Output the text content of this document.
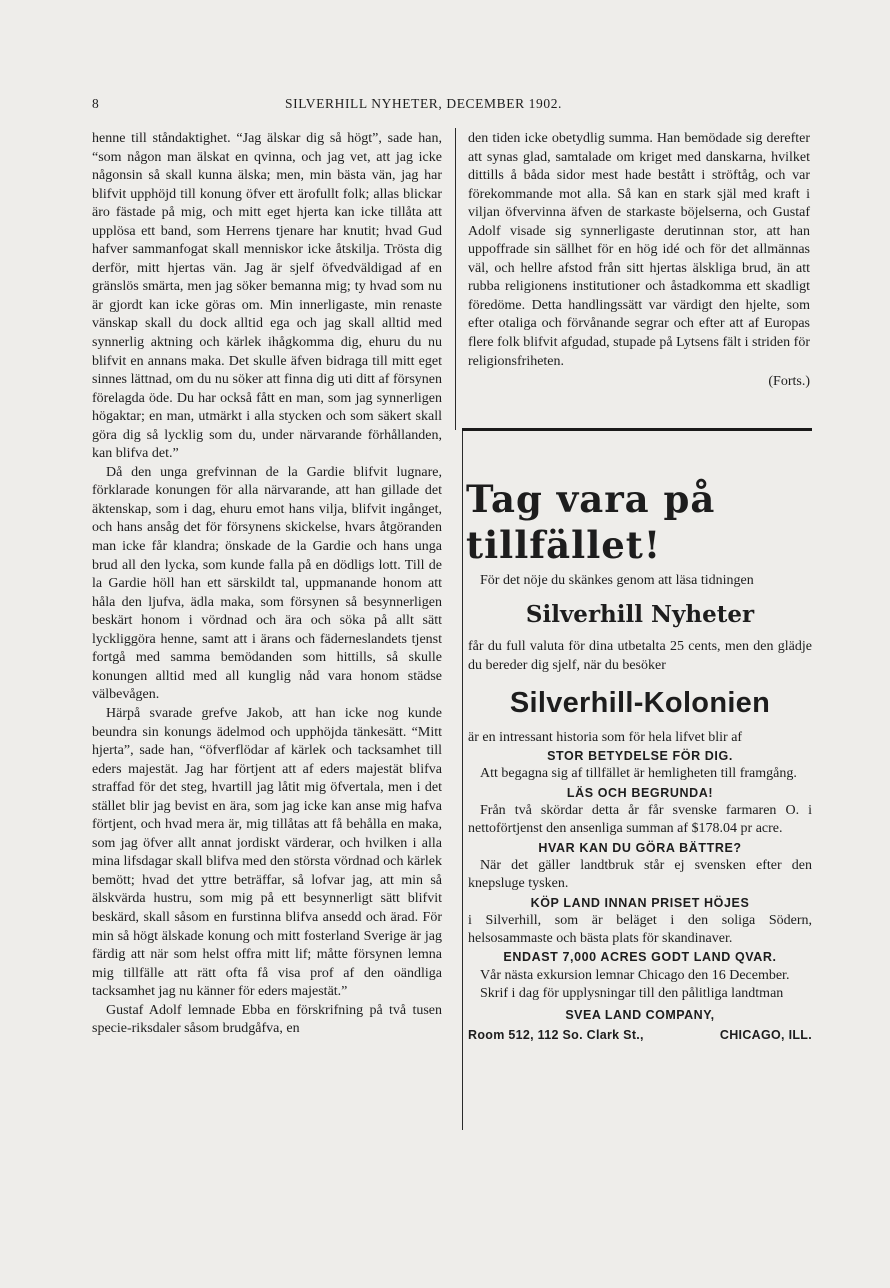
8	SILVERHILL NYHETER, DECEMBER 1902.

henne till ståndaktighet. “Jag älskar dig så högt”, sade han, “som någon man älskat en qvinna, och jag vet, att jag icke någonsin så skall kunna älska; men, min bästa vän, jag har blifvit upphöjd till konung öfver ett ärofullt folk; allas blickar äro fästade på mig, och mitt eget hjerta kan icke tillåta att upplösa ett band, som Herrens tjenare har knutit; hvad Gud hafver sammanfogat skall menniskor icke åtskilja. Trösta dig derför, mitt hjertas vän. Jag är sjelf öfvedväldigad af en gränslös smärta, men jag söker bemanna mig; ty hvad som nu är gjordt kan icke göras om. Min innerligaste, min renaste vänskap skall du dock alltid ega och jag skall alltid med synnerlig aktning och kärlek ihågkomma dig, ehuru du nu blifvit en annans maka. Det skulle äfven bidraga till mitt eget sinnes lättnad, om du nu söker att finna dig uti ditt af försynen förelagda öde. Du har också fått en man, som jag synnerligen högaktar; en man, utmärkt i alla stycken och som säkert skall göra dig så lycklig som du, under närvarande förhållanden, kan blifva det.”

Då den unga grefvinnan de la Gardie blifvit lugnare, förklarade konungen för alla närvarande, att han gillade det äktenskap, som i dag, ehuru emot hans vilja, blifvit ingånget, och hans ansåg det för försynens skickelse, hvars åtgöranden man icke får klandra; önskade de la Gardie och hans unga brud all den lycka, som kunde falla på en dödligs lott. Till de la Gardie höll han ett särskildt tal, uppmanande honom att håla den ljufva, ädla maka, som försynen så besynnerligen beskärt honom i vördnad och ära och söka på allt sätt lyckliggöra henne, samt att i ärans och fäderneslandets tjenst fortgå med samma bemödanden som hittills, så skulle konungen alltid med all kunglig nåd vara honom städse välbevågen.

Härpå svarade grefve Jakob, att han icke nog kunde beundra sin konungs ädelmod och upphöjda tänkesätt. “Mitt hjerta”, sade han, “öfverflödar af kärlek och tacksamhet till eders majestät. Jag har förtjent att af eders majestät blifva straffad för det steg, hvartill jag låtit mig öfvertala, men i det stället blir jag bevist en ära, som jag icke kan anse mig hafva förtjent, och hvad mera är, mig tillåtas att få behålla en maka, som jag öfver allt annat jordiskt värderar, och hvilken i alla mina lifsdagar skall blifva med den största vördnad och kärlek bemött; hvad det yttre beträffar, så lofvar jag, att min så älskvärda hustru, som mig på ett besynnerligt sätt blifvit beskärd, skall såsom en furstinna blifva ansedd och ärad. För min så högt älskade konung och mitt fosterland Sverige är jag färdig att när som helst offra mitt lif; måtte försynen lemna mig tillfälle att rätt ofta få visa prof af den oändliga tacksamhet jag nu känner för eders majestät.”

Gustaf Adolf lemnade Ebba en förskrifning på två tusen specie-riksdaler såsom brudgåfva, en

den tiden icke obetydlig summa. Han bemödade sig derefter att synas glad, samtalade om kriget med danskarna, hvilket dittills å båda sidor mest hade bestått i ströftåg, och var förekommande mot alla. Så kan en stark själ med kraft i viljan öfvervinna äfven de starkaste böjelserna, och Gustaf Adolf visade sig synnerligaste derutinnan stor, att han uppoffrade sin sällhet för en hög idé och för det allmännas väl, och hellre afstod från sitt hjertas älskliga brud, än att rubba religionens institutioner och åstadkomma ett skadligt föredöme. Detta handlingssätt var värdigt den hjelte, som efter otaliga och förvånande segrar och efter att af Europas flere folk blifvit afgudad, stupade på Lytsens fält i striden för religionsfriheten.

(Forts.)

Tag vara på

tillfället!

För det nöje du skänkes genom att läsa tidningen

Silverhill Nyheter

får du full valuta för dina utbetalta 25 cents, men den glädje du bereder dig sjelf, när du besöker

Silverhill-Kolonien

är en intressant historia som för hela lifvet blir af

STOR BETYDELSE FÖR DIG.

Att begagna sig af tillfället är hemligheten till framgång.

LÄS OCH BEGRUNDA!

Från två skördar detta år får svenske farmaren O. i nettoförtjenst den ansenliga summan af $178.04 pr acre.

HVAR KAN DU GÖRA BÄTTRE?

När det gäller landtbruk står ej svensken efter den knepsluge tysken.

KÖP LAND INNAN PRISET HÖJES

i Silverhill, som är beläget i den soliga Södern, helsosammaste och bästa plats för skandinaver.

ENDAST 7,000 ACRES GODT LAND QVAR.

Vår nästa exkursion lemnar Chicago den 16 December.

Skrif i dag för upplysningar till den pålitliga landtman

SVEA LAND COMPANY,

Room 512, 112 So. Clark St.,	CHICAGO, ILL.
